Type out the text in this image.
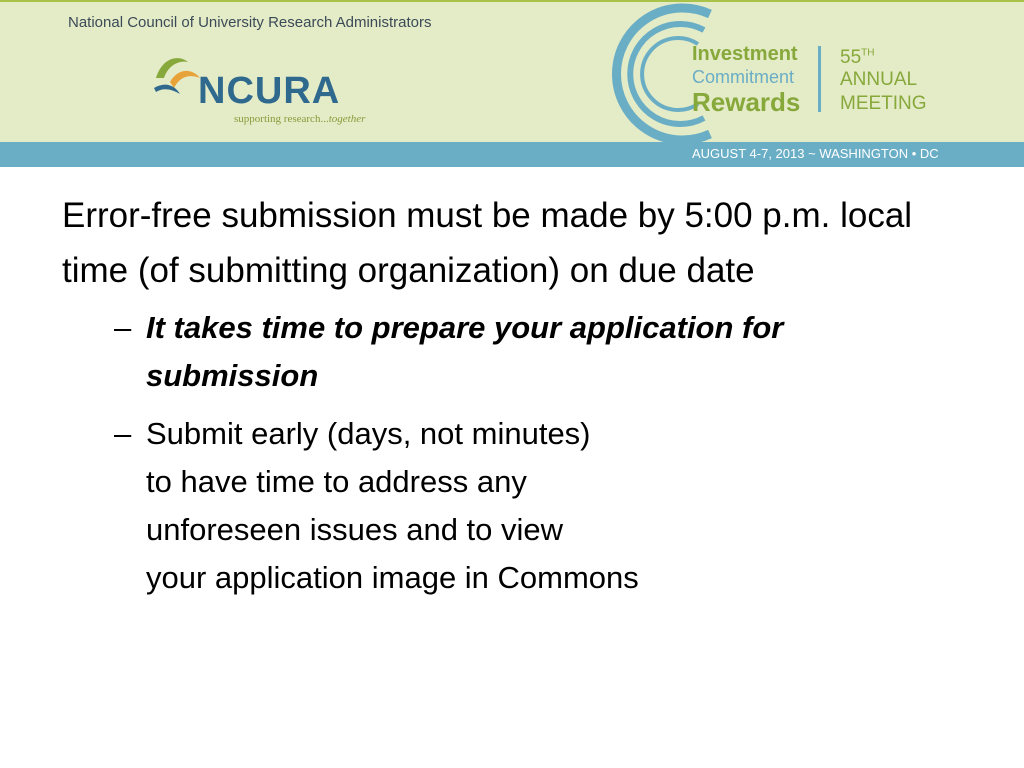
National Council of University Research Administrators
NCURA
supporting research...together
Investment
Commitment
Rewards
55TH
ANNUAL
MEETING
AUGUST 4-7, 2013 ~ WASHINGTON • DC

Error-free submission must be made by 5:00 p.m. local time (of submitting organization) on due date

– It takes time to prepare your application for submission
– Submit early (days, not minutes)
to have time to address any
unforeseen issues and to view
your application image in Commons
